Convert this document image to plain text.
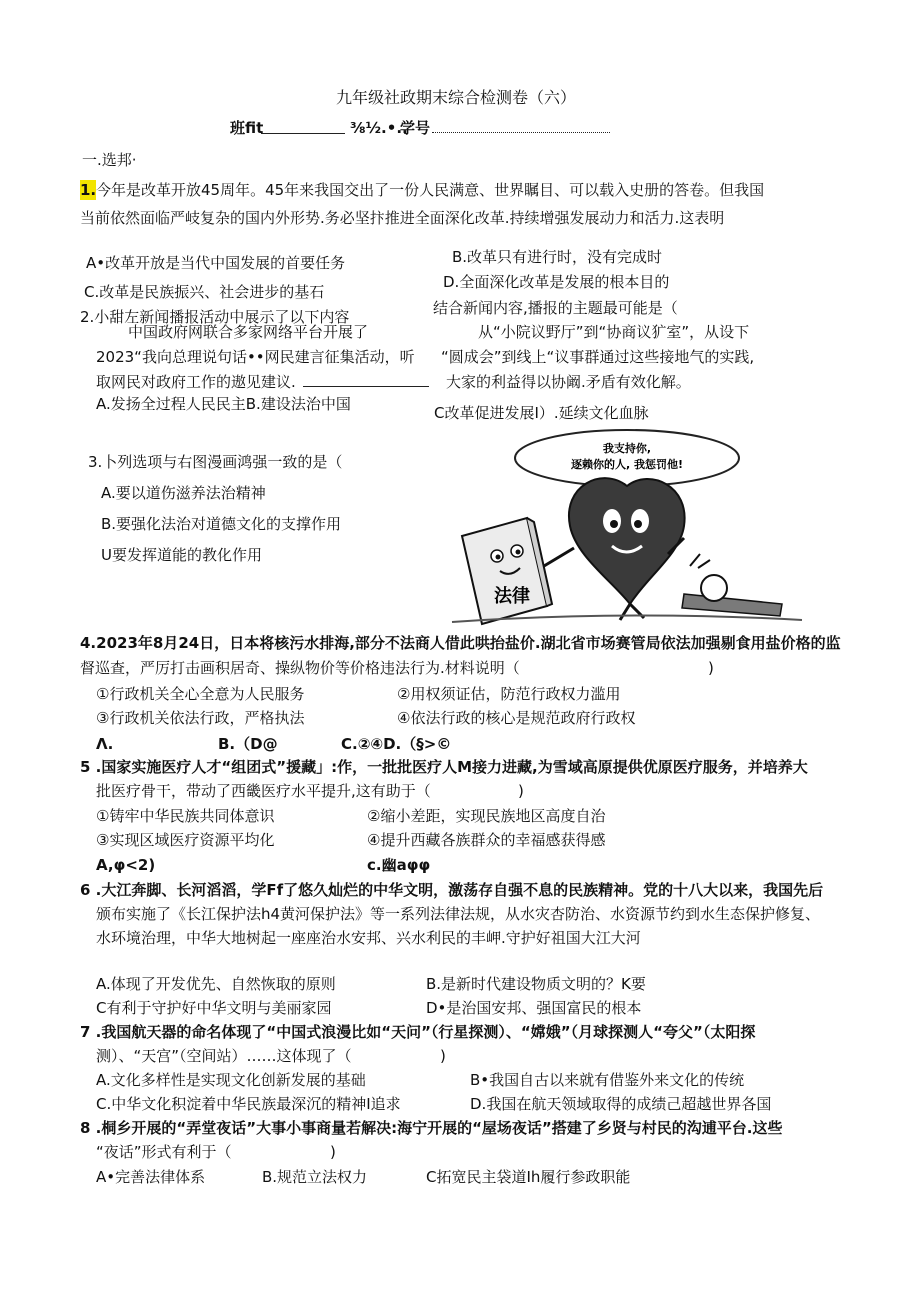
九年级社政期末综合检测卷（六）
班fit	⅜½.•..
学号
一.选邦·
1. 今年是改革开放45周年。45年来我国交出了一份人民满意、世界瞩目、可以载入史册的答卷。但我国
当前依然面临严岐复杂的国内外形势.务必坚抃推进全面深化改革.持续增强发展动力和活力.这表明
B.改革只有进行时，没有完成时
A•改革开放是当代中国发展的首要任务
D.全面深化改革是发展的根本目的
C.改革是民族振兴、社会进步的基石
2.小甜左新闻播报活动中展示了以下内容	结合新闻内容,播报的主题最可能是（
中国政府网联合多家网络平台开展了	从“小院议野厅”到“协商议犷室”，从设下
2023“我向总理说句话••网民建言征集活动，听 “圆成会”到线上“议事群通过这些接地气的实践,
取网民对政府工作的遨见建议.	大家的利益得以协阚.矛盾有效化解。
A.发扬全过程人民民主B.建设法治中国	C改革促进发展I）.延续文化血脉
3.卜列选项与右图漫画鸿强一致的是（
A.要以道伤滋养法治精神
B.要强化法治对道德文化的支撑作用
U要发挥道能的教化作用
我支持你,
逐赖你的人, 我惩罚他!
法律
4.2023年8月24日，日本将核污水排海,部分不法商人借此哄抬盐价.湖北省市场赛管局依法加强剔食用盐价格的监
督巡查，严厉打击画积居奇、操纵物价等价格违法行为.材料说明（	)
①行政机关全心全意为人民服务	②用权须证估，防范行政权力滥用
③行政机关依法行政，严格执法	④依法行政的核心是规范政府行政权
Λ.	B.（D@	C.②④D.（§>©
5 .国家实施医疗人才“组团式”援藏」:作，一批批医疗人M接力进藏,为雪域高原提供优原医疗服务，并培养大
批医疗骨干，带动了西畿医疗水平提升,这有助于（	)
①铸牢中华民族共同体意识	②缩小差距，实现民族地区高度自治
③实现区域医疗资源平均化	④提升西藏各族群众的幸福感获得感
A,φ<2)	c.幽aφφ
6 .大江奔脚、长河滔滔，学Ff了悠久灿烂的中华文明，激荡存自强不息的民族精神。党的十八大以来，我国先后
颁布实施了《长江保护法h4黄河保护法》等一系列法律法规，从水灾杏防治、水资源节约到水生态保护修复、
水环境治理，中华大地树起一座座治水安邦、兴水利民的丰岬.守护好祖国大江大河
A.体现了开发优先、自然恢取的原则	B.是新时代建设物质文明的？K要
C有利于守护好中华文明与美丽家园	D•是治国安邦、强国富民的根本
7 .我国航天器的命名体现了“中国式浪漫比如“天问”（行星探测）、“嫦娥”（月球探测人“夸父”（太阳探
测）、“天宫”（空间站）……这体现了（	)
A.文化多样性是实现文化创新发展的基础	B•我国自古以来就有借鉴外来文化的传统
C.中华文化积淀着中华民族最深沉的精神I追求	D.我国在航天领域取得的成绩己超越世界各国
8 .桐乡开展的“弄堂夜话”大事小事商量若解决:海宁开展的“屋场夜话”搭建了乡贤与村民的沟逋平台.这些
“夜话”形式有利于（	)
A•完善法律体系	B.规范立法权力	C拓宽民主袋道Ih履行参政职能
